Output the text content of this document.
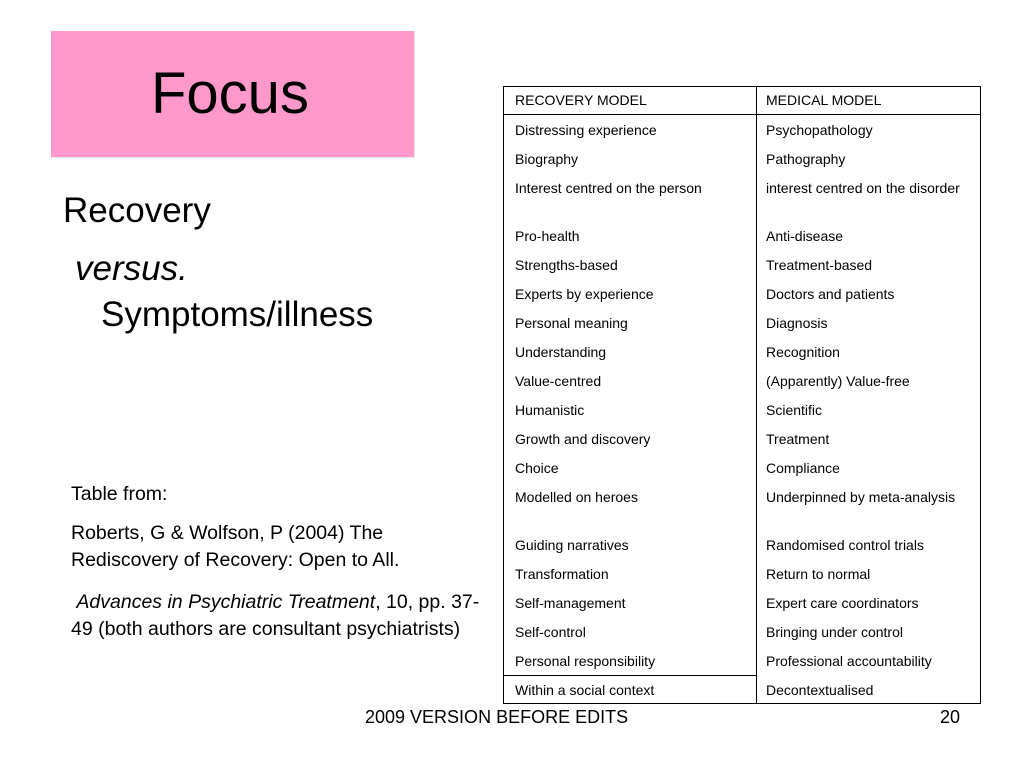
Focus
Recovery
versus.
Symptoms/illness
Table from:
Roberts, G & Wolfson, P (2004) The Rediscovery of Recovery: Open to All.
Advances in Psychiatric Treatment, 10, pp. 37-49 (both authors are consultant psychiatrists)
RECOVERY MODEL	MEDICAL MODEL
Distressing experience	Psychopathology
Biography	Pathography
Interest centred on the person	interest centred on the disorder
Pro-health	Anti-disease
Strengths-based	Treatment-based
Experts by experience	Doctors and patients
Personal meaning	Diagnosis
Understanding	Recognition
Value-centred	(Apparently) Value-free
Humanistic	Scientific
Growth and discovery	Treatment
Choice	Compliance
Modelled on heroes	Underpinned by meta-analysis
Guiding narratives	Randomised control trials
Transformation	Return to normal
Self-management	Expert care coordinators
Self-control	Bringing under control
Personal responsibility	Professional accountability
Within a social context	Decontextualised
2009 VERSION BEFORE EDITS	20
